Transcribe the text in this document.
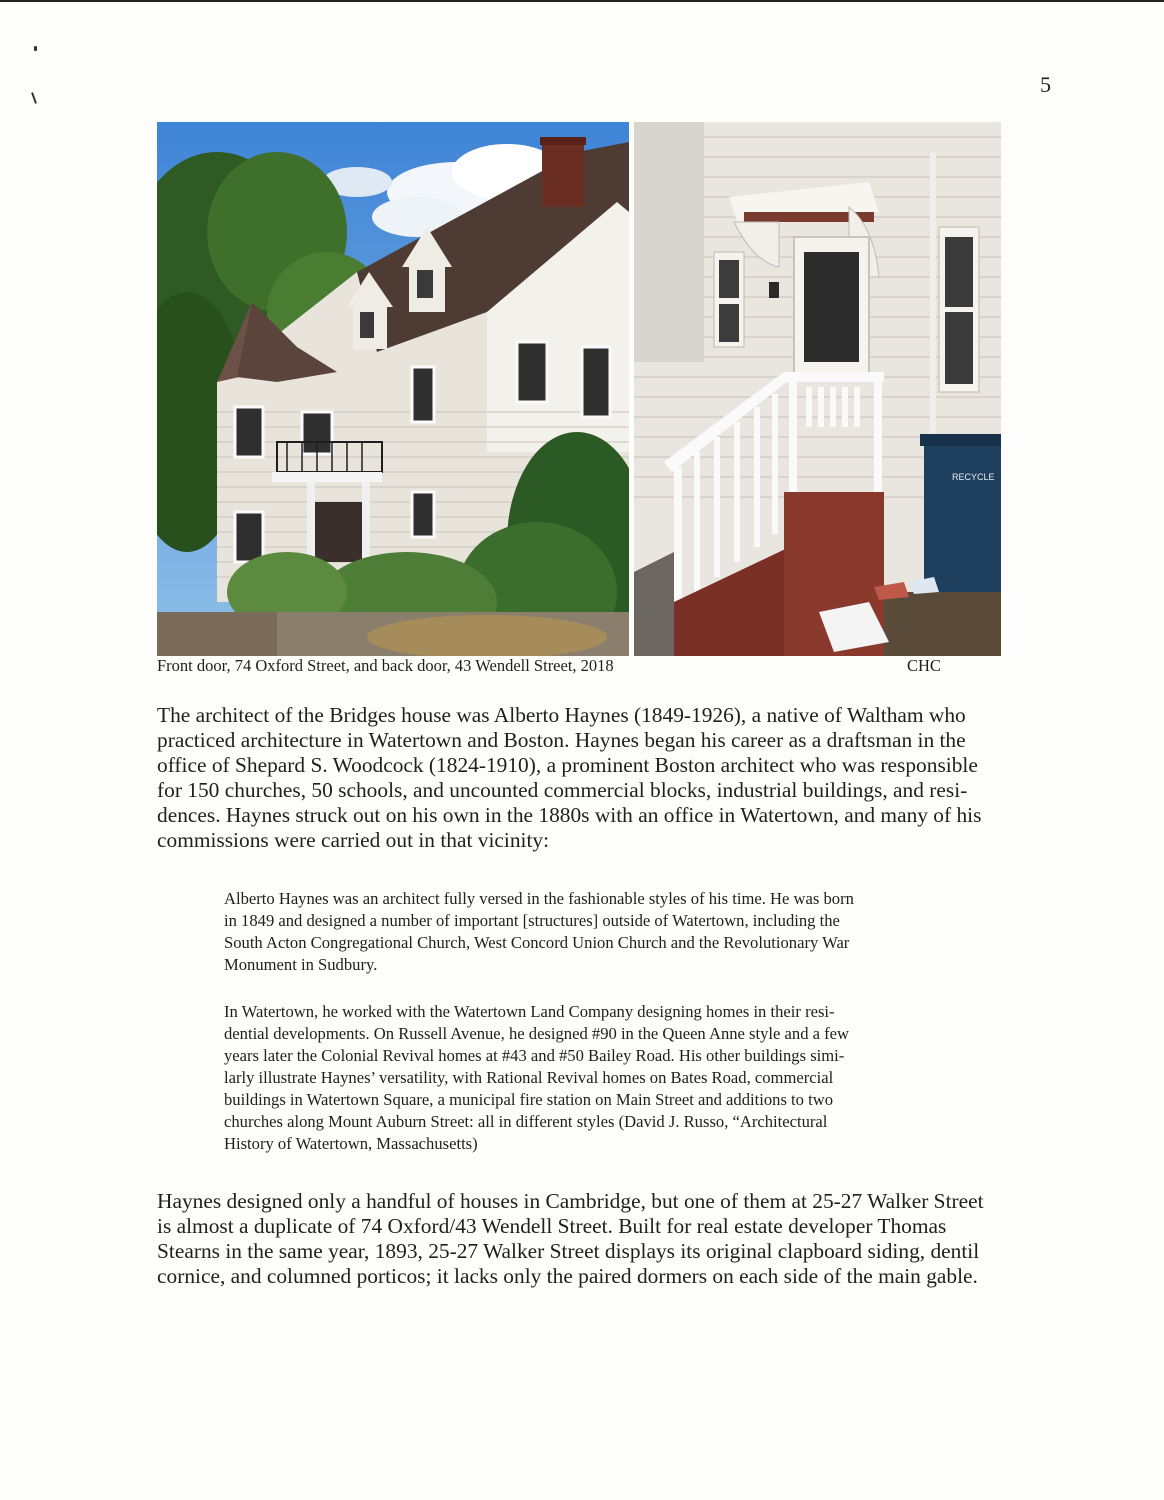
5
RECYCLE
Front door, 74 Oxford Street, and back door, 43 Wendell Street, 2018	CHC

The architect of the Bridges house was Alberto Haynes (1849-1926), a native of Waltham who
practiced architecture in Watertown and Boston. Haynes began his career as a draftsman in the
office of Shepard S. Woodcock (1824-1910), a prominent Boston architect who was responsible
for 150 churches, 50 schools, and uncounted commercial blocks, industrial buildings, and resi-
dences. Haynes struck out on his own in the 1880s with an office in Watertown, and many of his
commissions were carried out in that vicinity:

Alberto Haynes was an architect fully versed in the fashionable styles of his time. He was born
in 1849 and designed a number of important [structures] outside of Watertown, including the
South Acton Congregational Church, West Concord Union Church and the Revolutionary War
Monument in Sudbury.

In Watertown, he worked with the Watertown Land Company designing homes in their resi-
dential developments. On Russell Avenue, he designed #90 in the Queen Anne style and a few
years later the Colonial Revival homes at #43 and #50 Bailey Road. His other buildings simi-
larly illustrate Haynes’ versatility, with Rational Revival homes on Bates Road, commercial
buildings in Watertown Square, a municipal fire station on Main Street and additions to two
churches along Mount Auburn Street: all in different styles (David J. Russo, “Architectural
History of Watertown, Massachusetts)

Haynes designed only a handful of houses in Cambridge, but one of them at 25-27 Walker Street
is almost a duplicate of 74 Oxford/43 Wendell Street. Built for real estate developer Thomas
Stearns in the same year, 1893, 25-27 Walker Street displays its original clapboard siding, dentil
cornice, and columned porticos; it lacks only the paired dormers on each side of the main gable.
